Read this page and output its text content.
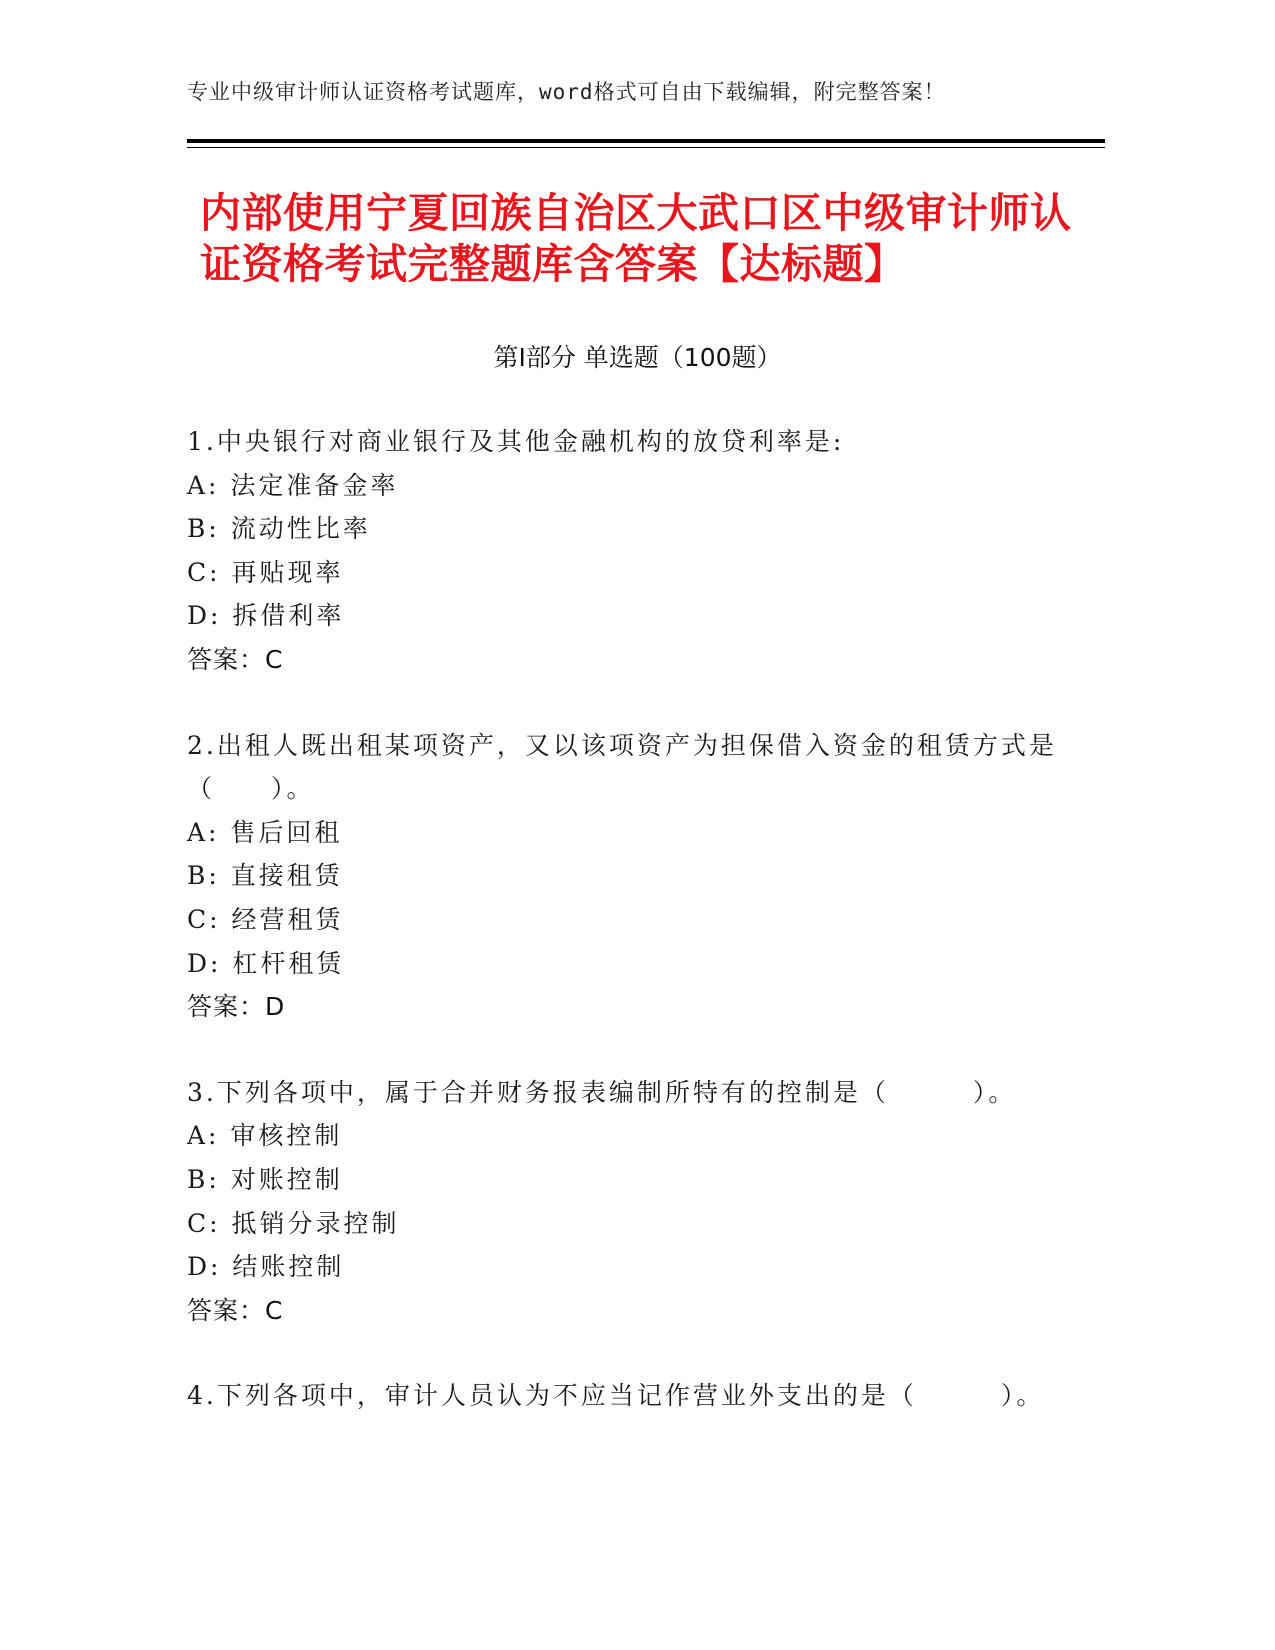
专业中级审计师认证资格考试题库，word格式可自由下载编辑，附完整答案！
内部使用宁夏回族自治区大武口区中级审计师认证资格考试完整题库含答案【达标题】
第Ⅰ部分 单选题（100题）
1.中央银行对商业银行及其他金融机构的放贷利率是:
A: 法定准备金率
B: 流动性比率
C: 再贴现率
D: 拆借利率
答案：C
2.出租人既出租某项资产，又以该项资产为担保借入资金的租赁方式是（　　）。
A: 售后回租
B: 直接租赁
C: 经营租赁
D: 杠杆租赁
答案：D
3.下列各项中，属于合并财务报表编制所特有的控制是（　　　）。
A: 审核控制
B: 对账控制
C: 抵销分录控制
D: 结账控制
答案：C
4.下列各项中，审计人员认为不应当记作营业外支出的是（　　　）。
